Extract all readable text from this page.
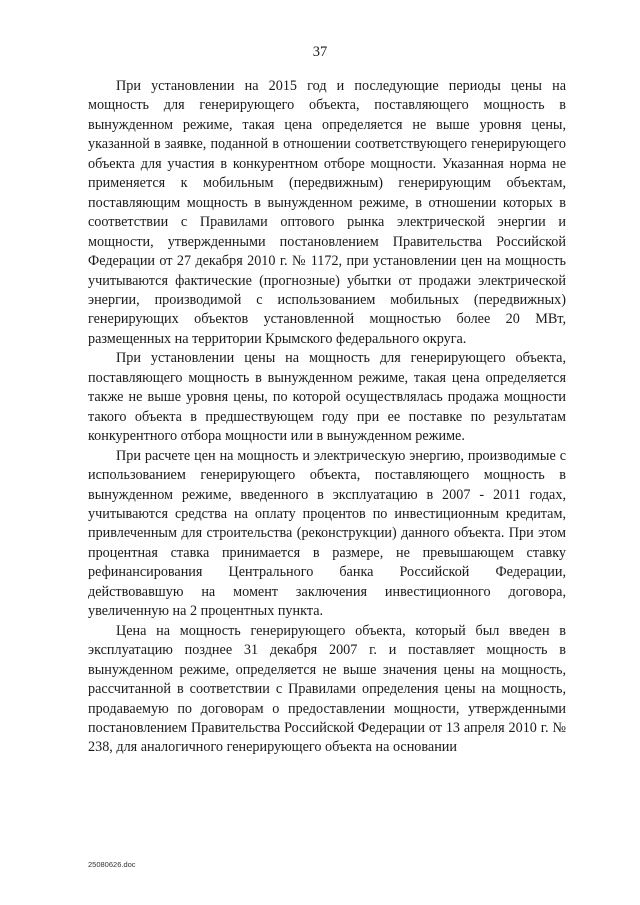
37

При установлении на 2015 год и последующие периоды цены на мощность для генерирующего объекта, поставляющего мощность в вынужденном режиме, такая цена определяется не выше уровня цены, указанной в заявке, поданной в отношении соответствующего генерирующего объекта для участия в конкурентном отборе мощности. Указанная норма не применяется к мобильным (передвижным) генерирующим объектам, поставляющим мощность в вынужденном режиме, в отношении которых в соответствии с Правилами оптового рынка электрической энергии и мощности, утвержденными постановлением Правительства Российской Федерации от 27 декабря 2010 г. № 1172, при установлении цен на мощность учитываются фактические (прогнозные) убытки от продажи электрической энергии, производимой с использованием мобильных (передвижных) генерирующих объектов установленной мощностью более 20 МВт, размещенных на территории Крымского федерального округа.

При установлении цены на мощность для генерирующего объекта, поставляющего мощность в вынужденном режиме, такая цена определяется также не выше уровня цены, по которой осуществлялась продажа мощности такого объекта в предшествующем году при ее поставке по результатам конкурентного отбора мощности или в вынужденном режиме.

При расчете цен на мощность и электрическую энергию, производимые с использованием генерирующего объекта, поставляющего мощность в вынужденном режиме, введенного в эксплуатацию в 2007 - 2011 годах, учитываются средства на оплату процентов по инвестиционным кредитам, привлеченным для строительства (реконструкции) данного объекта. При этом процентная ставка принимается в размере, не превышающем ставку рефинансирования Центрального банка Российской Федерации, действовавшую на момент заключения инвестиционного договора, увеличенную на 2 процентных пункта.

Цена на мощность генерирующего объекта, который был введен в эксплуатацию позднее 31 декабря 2007 г. и поставляет мощность в вынужденном режиме, определяется не выше значения цены на мощность, рассчитанной в соответствии с Правилами определения цены на мощность, продаваемую по договорам о предоставлении мощности, утвержденными постановлением Правительства Российской Федерации от 13 апреля 2010 г. № 238, для аналогичного генерирующего объекта на основании

25080626.doc
